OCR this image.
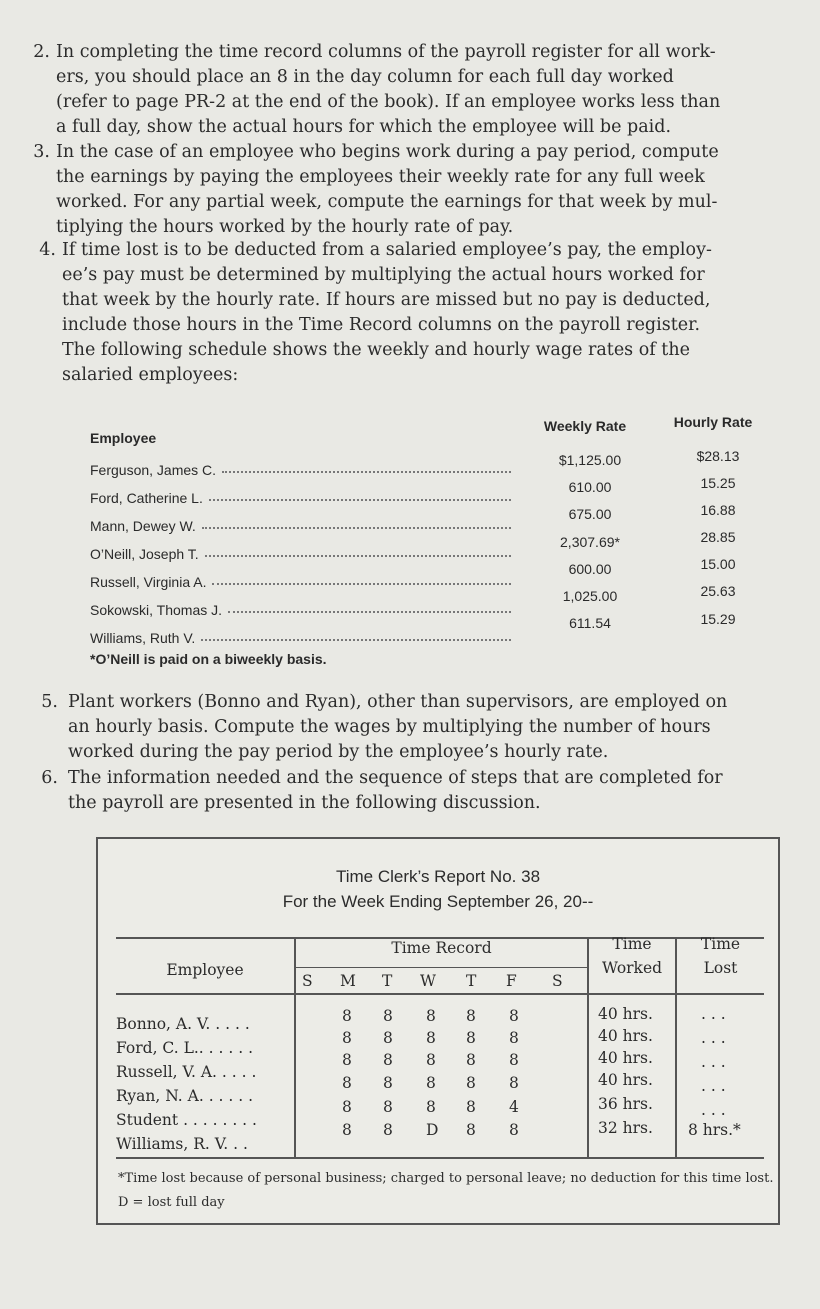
2. In completing the time record columns of the payroll register for all work-
ers, you should place an 8 in the day column for each full day worked
(refer to page PR-2 at the end of the book). If an employee works less than
a full day, show the actual hours for which the employee will be paid.
3. In the case of an employee who begins work during a pay period, compute
the earnings by paying the employees their weekly rate for any full week
worked. For any partial week, compute the earnings for that week by mul-
tiplying the hours worked by the hourly rate of pay.
4. If time lost is to be deducted from a salaried employee’s pay, the employ-
ee’s pay must be determined by multiplying the actual hours worked for
that week by the hourly rate. If hours are missed but no pay is deducted,
include those hours in the Time Record columns on the payroll register.
The following schedule shows the weekly and hourly wage rates of the
salaried employees:
Employee
Weekly Rate	Hourly Rate
Ferguson, James C.
$1,125.00	$28.13
Ford, Catherine L.
610.00	15.25
Mann, Dewey W.
675.00	16.88
O’Neill, Joseph T.
2,307.69*	28.85
Russell, Virginia A.
600.00	15.00
Sokowski, Thomas J.
1,025.00	25.63
Williams, Ruth V.
611.54	15.29
*O’Neill is paid on a biweekly basis.
5. Plant workers (Bonno and Ryan), other than supervisors, are employed on
an hourly basis. Compute the wages by multiplying the number of hours
worked during the pay period by the employee’s hourly rate.
6. The information needed and the sequence of steps that are completed for
the payroll are presented in the following discussion.
Time Clerk’s Report No. 38
For the Week Ending September 26, 20--
Employee
Time Record
S M T W T F S
Time
Worked
Time
Lost
Bonno, A. V. . . . .	8 8 8 8 8	40 hrs.	. . .
Ford, C. L.. . . . . .
8 8 8 8 8	40 hrs.	. . .
Russell, V. A. . . . .
8 8 8 8 8	40 hrs.	. . .
Ryan, N. A. . . . . .
8 8 8 8 8	40 hrs.	. . .
Student . . . . . . . .
8 8 8 8 4	36 hrs.	. . .
Williams, R. V. . .
8 8 D 8 8	32 hrs. 8 hrs.*
*Time lost because of personal business; charged to personal leave; no deduction for this time lost.
D = lost full day
